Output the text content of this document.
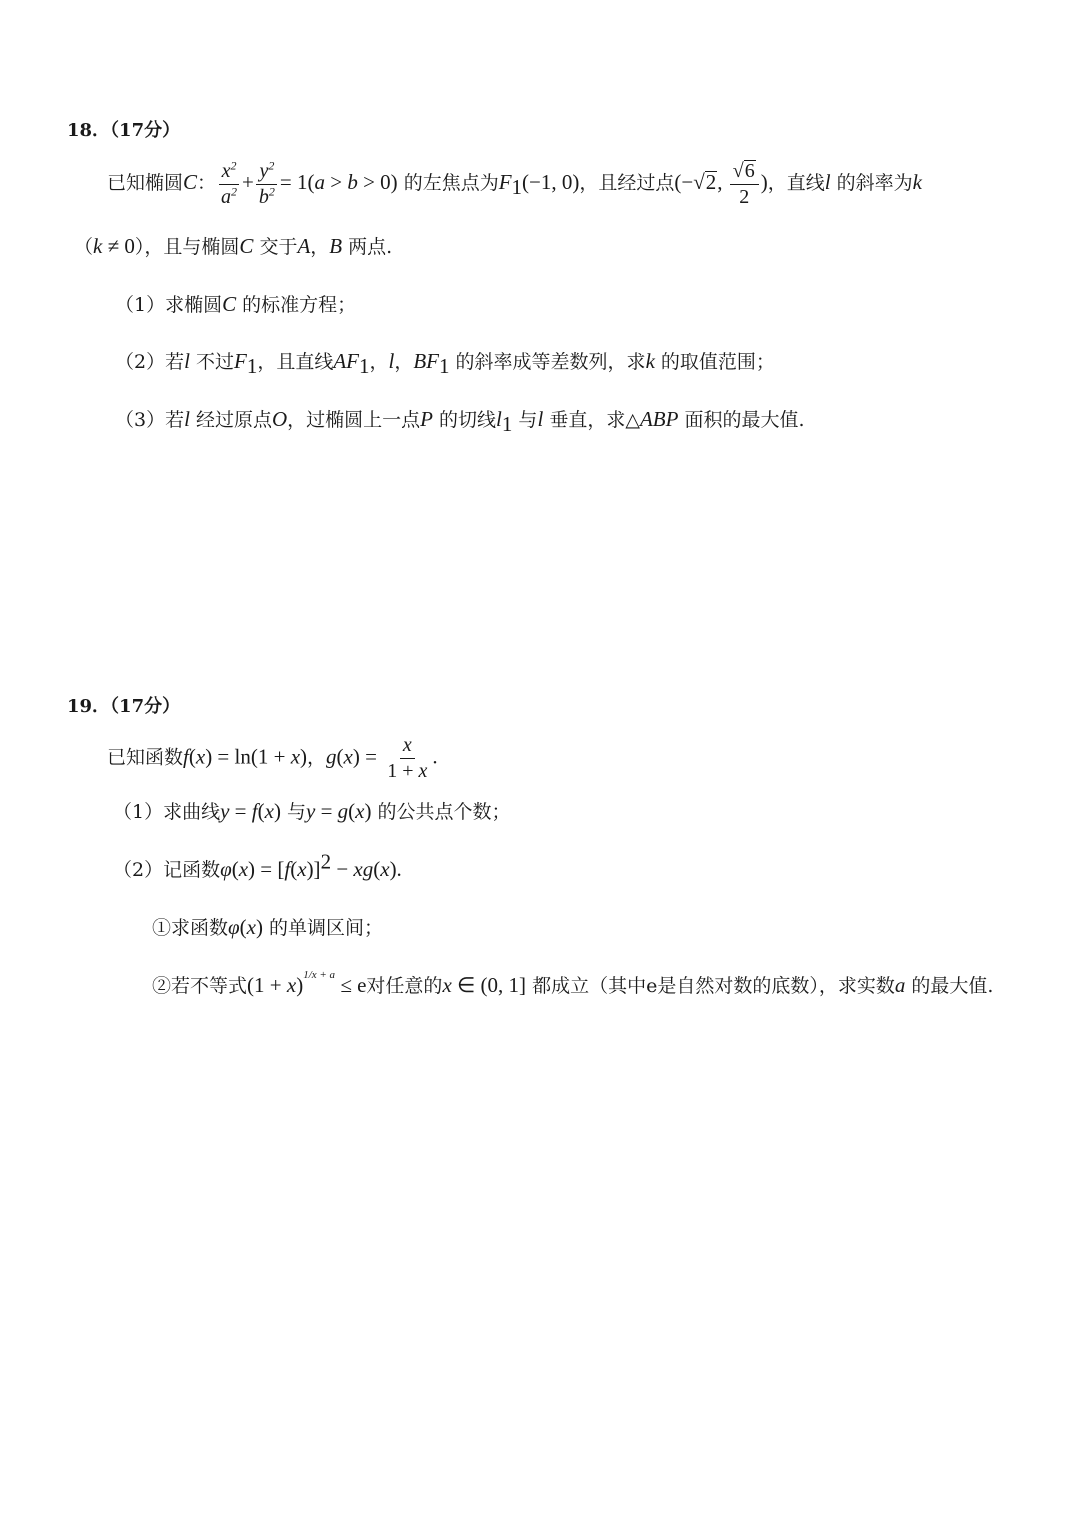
18．（17分）
已知椭圆C： $\frac{x^2}{a^2} + \frac{y^2}{b^2} = 1(a > b > 0)$ 的左焦点为$F_1(-1$, 0)，且经过点(−√2, $\frac{√6}{2}$ )，直线l 的斜率为k
（k ≠ 0），且与椭圆C 交于A，B 两点.
（1）求椭圆C 的标准方程；
（2）若l 不过$F_1$，且直线$AF_1$，l，$BF_1$ 的斜率成等差数列，求k 的取值范围；
（3）若l 经过原点O，过椭圆上一点P 的切线$l_1$ 与l 垂直，求△ABP 面积的最大值.
19．（17分）
已知函数f(x) = ln(1 + x)，$g(x) = \frac{x}{1 + x}$ .
（1）求曲线y = f(x) 与y = g(x) 的公共点个数；
（2）记函数$\varphi(x) = [f(x)]^2 - xg(x)$.
①求函数φ(x) 的单调区间；
②若不等式$(1 + x)^{1/x + a} \le e$对任意的x ∈ (0, 1] 都成立（其中e是自然对数的底数），求实数a 的最大值.
